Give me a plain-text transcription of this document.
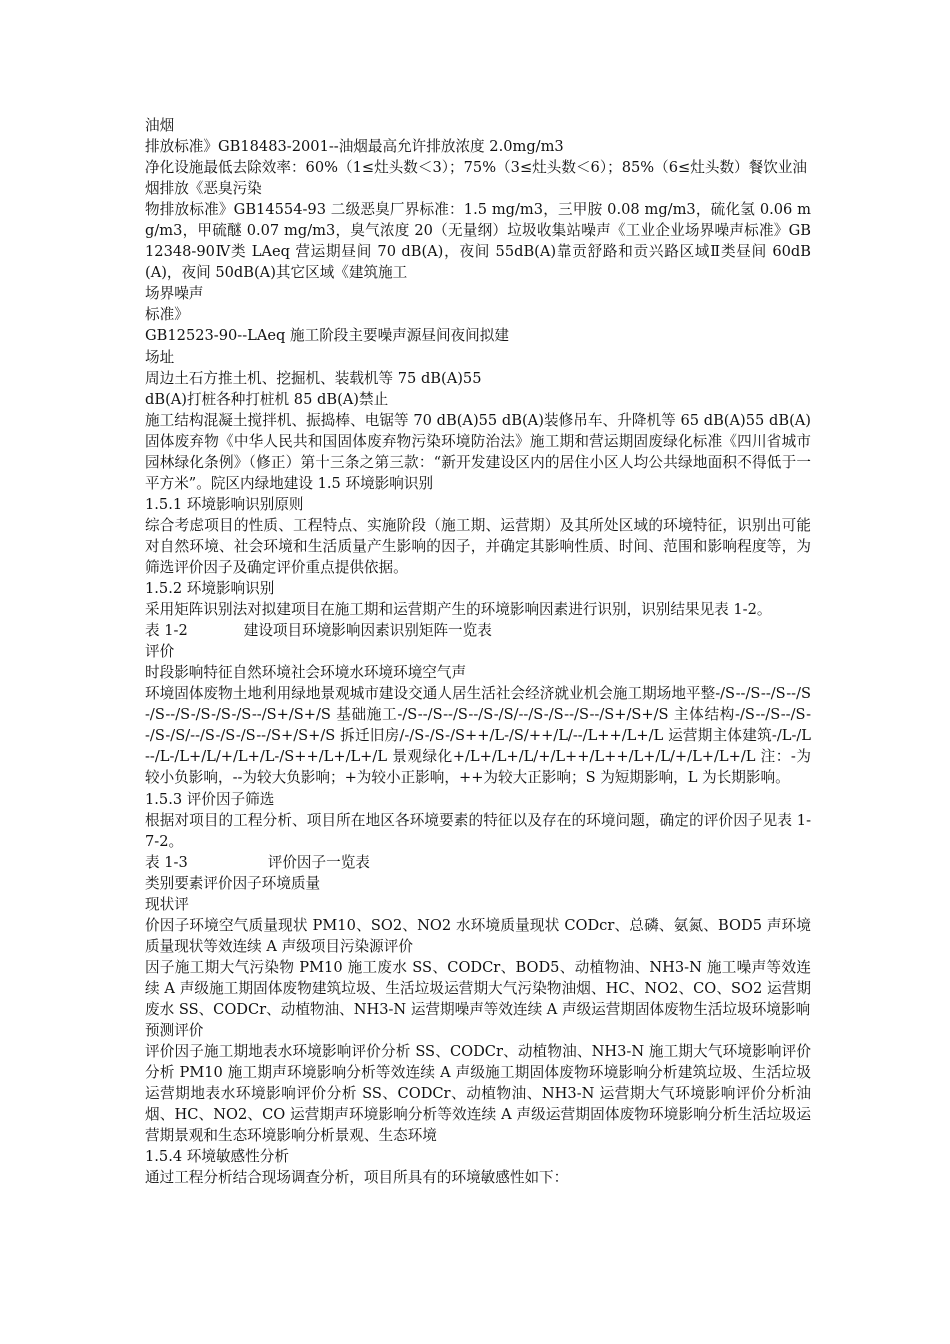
油烟
排放标准》GB18483-2001--油烟最高允许排放浓度 2.0mg/m3
净化设施最低去除效率：60%（1≤灶头数＜3）；75%（3≤灶头数＜6）；85%（6≤灶头数）餐饮业油
烟排放《恶臭污染
物排放标准》GB14554-93 二级恶臭厂界标准：1.5 mg/m3，三甲胺 0.08 mg/m3，硫化氢 0.06 mg/m3，甲硫醚 0.07 mg/m3，臭气浓度 20（无量纲）垃圾收集站噪声《工业企业场界噪声标准》GB12348-90Ⅳ类 LAeq 营运期昼间 70 dB(A)，夜间 55dB(A)靠贡舒路和贡兴路区域Ⅱ类昼间 60dB(A)，夜间 50dB(A)其它区域《建筑施工
场界噪声
标准》
GB12523-90--LAeq 施工阶段主要噪声源昼间夜间拟建
场址
周边土石方推土机、挖掘机、装载机等 75 dB(A)55
dB(A)打桩各种打桩机 85 dB(A)禁止
施工结构混凝土搅拌机、振捣棒、电锯等 70 dB(A)55 dB(A)装修吊车、升降机等 65 dB(A)55 dB(A)固体废弃物《中华人民共和国固体废弃物污染环境防治法》施工期和营运期固废绿化标准《四川省城市园林绿化条例》（修正）第十三条之第三款：“新开发建设区内的居住小区人均公共绿地面积不得低于一平方米”。院区内绿地建设 1.5 环境影响识别
1.5.1 环境影响识别原则
综合考虑项目的性质、工程特点、实施阶段（施工期、运营期）及其所处区域的环境特征，识别出可能对自然环境、社会环境和生活质量产生影响的因子，并确定其影响性质、时间、范围和影响程度等，为筛选评价因子及确定评价重点提供依据。
1.5.2 环境影响识别
采用矩阵识别法对拟建项目在施工期和运营期产生的环境影响因素进行识别，识别结果见表 1-2。
表 1-2	建设项目环境影响因素识别矩阵一览表
评价
时段影响特征自然环境社会环境水环境环境空气声
环境固体废物土地利用绿地景观城市建设交通人居生活社会经济就业机会施工期场地平整-/S--/S--/S--/S-/S--/S-/S-/S-/S--/S+/S+/S 基础施工-/S--/S--/S--/S-/S/--/S-/S--/S--/S+/S+/S 主体结构-/S--/S--/S--/S-/S/--/S-/S-/S--/S+/S+/S 拆迁旧房/-/S-/S-/S++/L-/S/++/L/--/L++/L+/L 运营期主体建筑-/L-/L--/L-/L+/L/+/L+/L-/S++/L+/L+/L 景观绿化+/L+/L+/L/+/L++/L++/L+/L/+/L+/L+/L 注：-为较小负影响，--为较大负影响；+为较小正影响，++为较大正影响；S 为短期影响，L 为长期影响。
1.5.3 评价因子筛选
根据对项目的工程分析、项目所在地区各环境要素的特征以及存在的环境问题，确定的评价因子见表 1-7-2。
表 1-3	评价因子一览表
类别要素评价因子环境质量
现状评
价因子环境空气质量现状 PM10、SO2、NO2 水环境质量现状 CODcr、总磷、氨氮、BOD5 声环境质量现状等效连续 A 声级项目污染源评价
因子施工期大气污染物 PM10 施工废水 SS、CODCr、BOD5、动植物油、NH3-N 施工噪声等效连续 A 声级施工期固体废物建筑垃圾、生活垃圾运营期大气污染物油烟、HC、NO2、CO、SO2 运营期废水 SS、CODCr、动植物油、NH3-N 运营期噪声等效连续 A 声级运营期固体废物生活垃圾环境影响
预测评价
评价因子施工期地表水环境影响评价分析 SS、CODCr、动植物油、NH3-N 施工期大气环境影响评价分析 PM10 施工期声环境影响分析等效连续 A 声级施工期固体废物环境影响分析建筑垃圾、生活垃圾运营期地表水环境影响评价分析 SS、CODCr、动植物油、NH3-N 运营期大气环境影响评价分析油烟、HC、NO2、CO 运营期声环境影响分析等效连续 A 声级运营期固体废物环境影响分析生活垃圾运营期景观和生态环境影响分析景观、生态环境
1.5.4 环境敏感性分析
通过工程分析结合现场调查分析，项目所具有的环境敏感性如下：
